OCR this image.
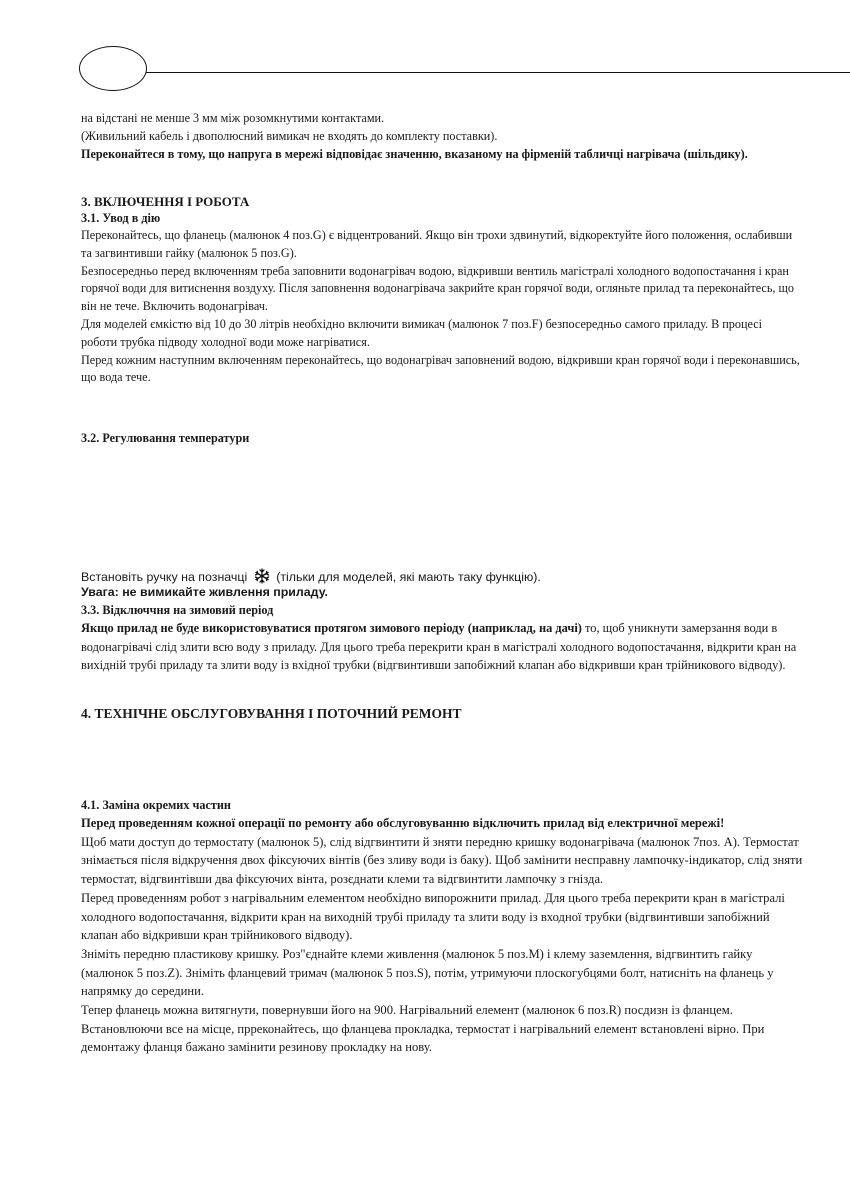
на відстані не менше 3 мм між розомкнутими контактами.

(Живильний кабель і двополюсний вимикач не входять до комплекту поставки).

Переконайтеся в тому, що напруга в мережі відповідає значенню, вказаному на фірменій табличці нагрівача (шільдику).

3. ВКЛЮЧЕННЯ І РОБОТА

3.1. Увод в дію

Переконайтесь, що фланець (малюнок 4 поз.G) є відцентрований. Якщо він трохи здвинутий, відкоректуйте його положення, ослабивши та загвинтивши гайку (малюнок 5 поз.G).

Безпосередньо перед включенням треба заповнити водонагрівач водою, відкривши вентиль магістралі холодного водопостачання і кран горячої води для витиснення воздуху. Після заповнення водонагрівача закрийте кран горячої води, огляньте прилад та переконайтесь, що він не тече. Включить водонагрівач.

Для моделей ємкістю від 10 до 30 літрів необхідно включити вимикач (малюнок 7 поз.F) безпосередньо самого приладу. В процесі роботи трубка підводу холодної води може нагріватися.

Перед кожним наступним включенням переконайтесь, що водонагрівач заповнений водою, відкривши кран горячої води і переконавшись, що вода тече.

3.2. Регулювання температури

Встановіть ручку на позначці (тільки для моделей, які мають таку функцію).

Увага: не вимикайте живлення приладу.

3.3. Відключчня на зимовий період

Якщо прилад не буде використовуватися протягом зимового періоду (наприклад, на дачі) то, щоб уникнути замерзання води в водонагрівачі слід злити всю воду з приладу. Для цього треба перекрити кран в магістралі холодного водопостачання, відкрити кран на вихідній трубі приладу та злити воду із вхідної трубки (відгвинтивши запобіжний клапан або відкривши кран трійникового відводу).

4. ТЕХНІЧНЕ ОБСЛУГОВУВАННЯ І ПОТОЧНИЙ РЕМОНТ

4.1. Заміна окремих частин

Перед проведенням кожної операції по ремонту або обслуговуванню відключить прилад від електричної мережі!

Щоб мати доступ до термостату (малюнок 5), слід відгвинтити й зняти передню кришку водонагрівача (малюнок 7поз. А). Термостат знімається після відкручення двох фіксуючих вінтів (без зливу води із баку). Щоб замінити несправну лампочку-індикатор, слід зняти термостат, відгвинтівши два фіксуючих вінта, розєднати клеми та відгвинтити лампочку з гнізда.

Перед проведенням робот з нагрівальним елементом необхідно випорожнити прилад. Для цього треба перекрити кран в магістралі холодного водопостачання, відкрити кран на виходній трубі приладу та злити воду із входної трубки (відгвинтивши запобіжний клапан або відкривши кран трійникового відводу).

Зніміть передню пластикову кришку. Роз"єднайте клеми живлення (малюнок 5 поз.M) і клему заземлення, відгвинтить гайку (малюнок 5 поз.Z). Зніміть фланцевий тримач (малюнок 5 поз.S), потім, утримуючи плоскогубцями болт, натисніть на фланець у напрямку до середини.

Тепер фланець можна витягнути, повернувши його на 900. Нагрівальний елемент (малюнок 6 поз.R) посдизн із фланцем.

Встановлюючи все на місце, прреконайтесь, що фланцева прокладка, термостат і нагрівальний елемент встановлені вірно. При демонтажу фланця бажано замінити резинову прокладку на нову.
